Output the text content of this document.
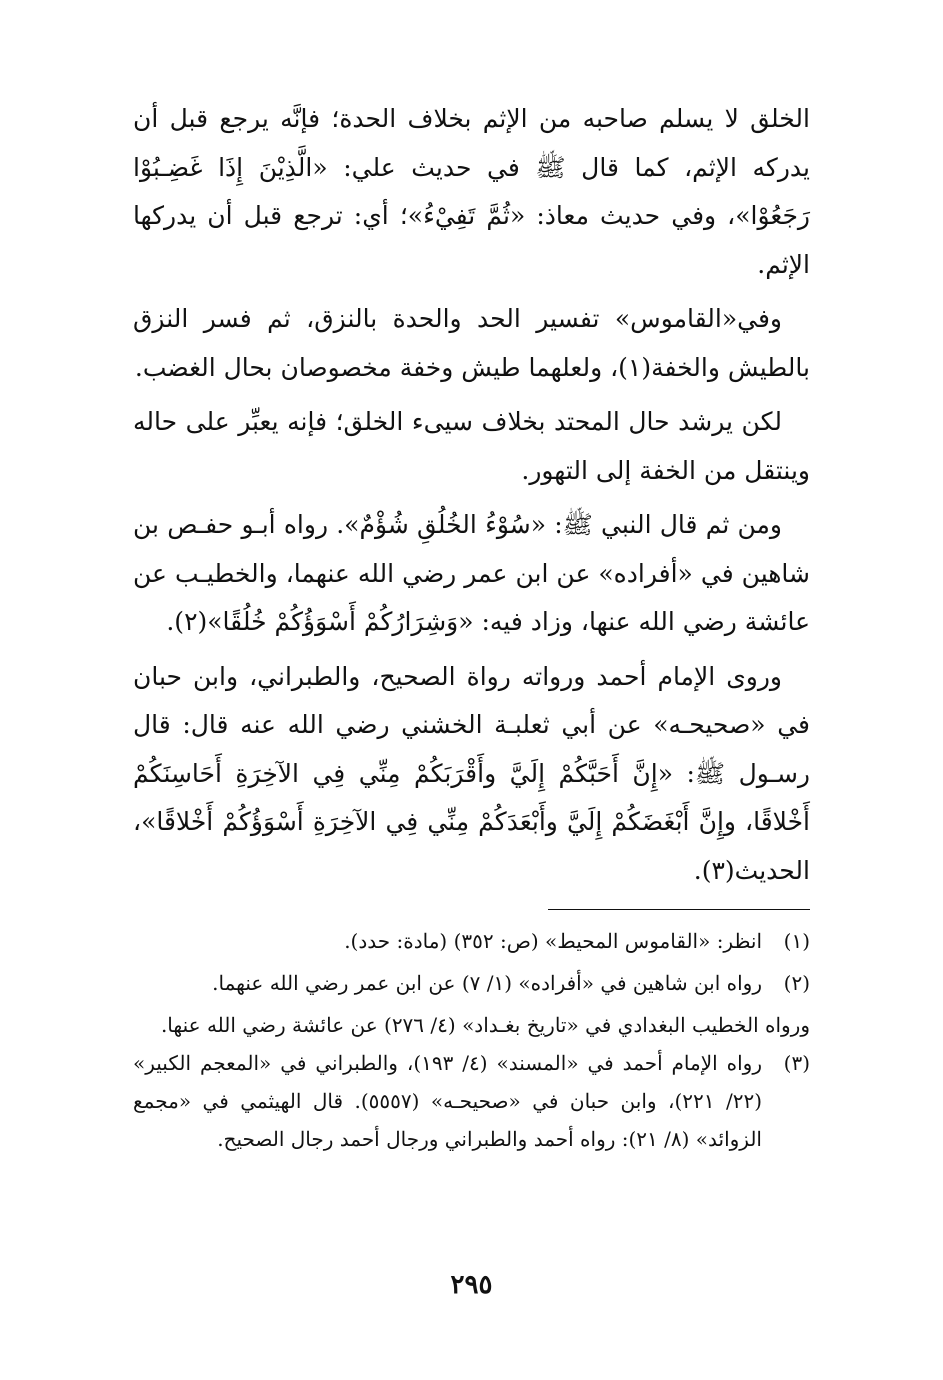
الخلق لا يسلم صاحبه من الإثم بخلاف الحدة؛ فإنَّه يرجع قبل أن يدركه الإثم، كما قال ﷺ في حديث علي: «الَّذِيْنَ إِذَا غَضِـبُوْا رَجَعُوْا»، وفي حديث معاذ: «ثُمَّ تَفِيْءُ»؛ أي: ترجع قبل أن يدركها الإثم.

وفي«القاموس» تفسير الحد والحدة بالنزق، ثم فسر النزق بالطيش والخفة(١)، ولعلهما طيش وخفة مخصوصان بحال الغضب.

لكن يرشد حال المحتد بخلاف سيىء الخلق؛ فإنه يعبِّر على حاله وينتقل من الخفة إلى التهور.

ومن ثم قال النبي ﷺ: «سُوْءُ الخُلُقِ شُؤْمٌ». رواه أبـو حفـص بن شاهين في «أفراده» عن ابن عمر رضي الله عنهما، والخطيـب عن عائشة رضي الله عنها، وزاد فيه: «وَشِرَارُكُمْ أَسْوَؤُكُمْ خُلُقًا»(٢).

وروى الإمام أحمد ورواته رواة الصحيح، والطبراني، وابن حبان في «صحيحـه» عن أبي ثعلبـة الخشني رضي الله عنه قال: قال رسـول ﷺ: «إِنَّ أَحَبَّكُمْ إِلَيَّ وأَقْرَبَكُمْ مِنِّي فِي الآخِرَةِ أَحَاسِنَكُمْ أَخْلاقًا، وإِنَّ أَبْغَضَكُمْ إِلَيَّ وأَبْعَدَكُمْ مِنِّي فِي الآخِرَةِ أَسْوَؤُكُمْ أَخْلاقًا»، الحديث(٣).

(١)
انظر: «القاموس المحيط» (ص: ٣٥٢) (مادة: حدد).
(٢)
رواه ابن شاهين في «أفراده» (١/ ٧) عن ابن عمر رضي الله عنهما.
ورواه الخطيب البغدادي في «تاريخ بغـداد» (٤/ ٢٧٦) عن عائشة رضي الله عنها.
(٣)
رواه الإمام أحمد في «المسند» (٤/ ١٩٣)، والطبراني في «المعجم الكبير» (٢٢/ ٢٢١)، وابن حبان في «صحيحـه» (٥٥٥٧). قال الهيثمي في «مجمع الزوائد» (٨/ ٢١): رواه أحمد والطبراني ورجال أحمد رجال الصحيح.
٢٩٥
